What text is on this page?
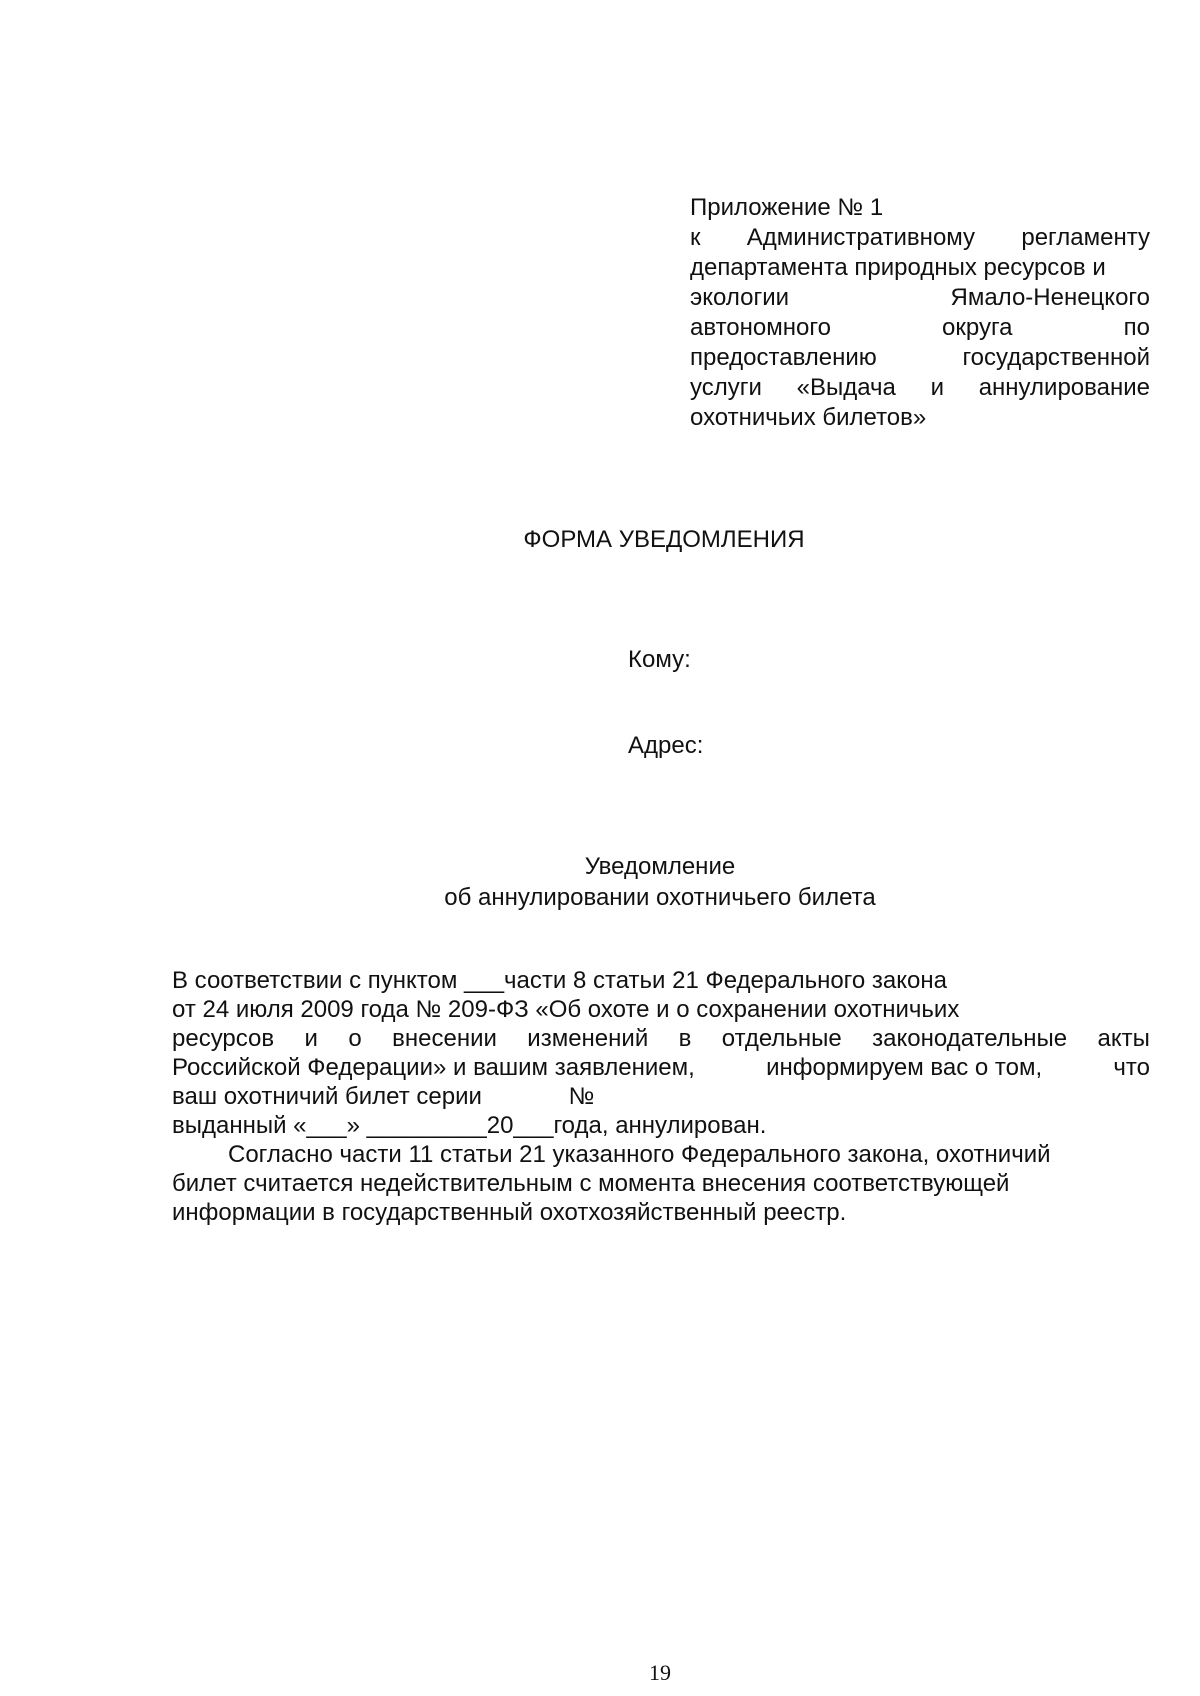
Приложение № 1
к Административному регламенту
департамента природных ресурсов и
экологии	Ямало-Ненецкого
автономного	округа	по
предоставлению	государственной
услуги «Выдача и аннулирование
охотничьих билетов»
ФОРМА УВЕДОМЛЕНИЯ
Кому:
Адрес:
Уведомление
об аннулировании охотничьего билета
В соответствии с пунктом ___части 8 статьи 21 Федерального закона
от 24 июля 2009 года № 209-ФЗ «Об охоте и о сохранении охотничьих
ресурсов и о внесении изменений в отдельные законодательные акты
Российской Федерации» и вашим заявлением,	информируем вас о том,	что
ваш охотничий билет серии             №
выданный «___» _________20___года, аннулирован.
Согласно части 11 статьи 21 указанного Федерального закона, охотничий
билет считается недействительным с момента внесения соответствующей
информации в государственный охотхозяйственный реестр.
19
